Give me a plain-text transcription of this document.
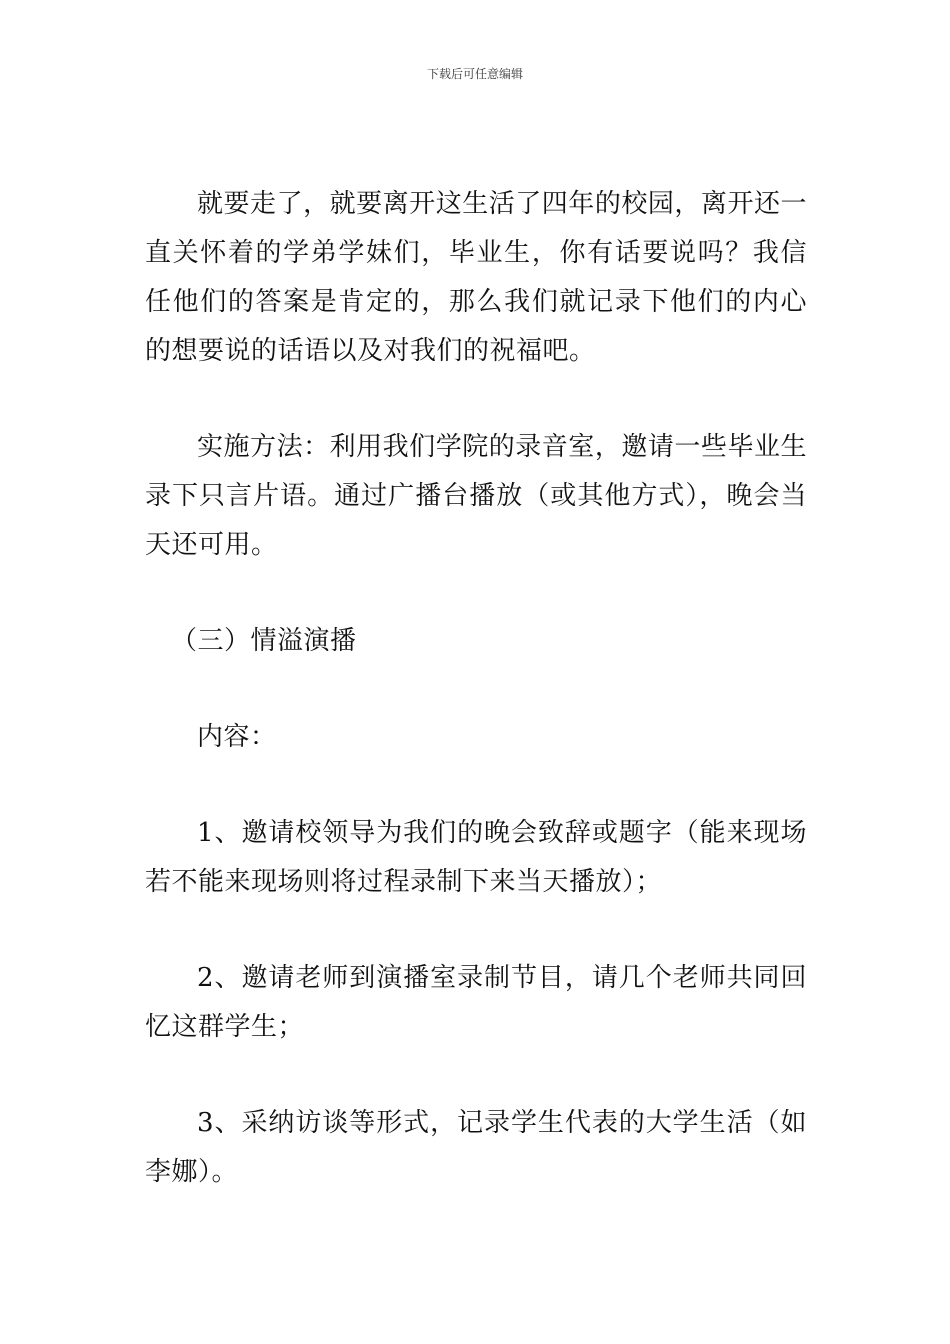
下载后可任意编辑

就要走了，就要离开这生活了四年的校园，离开还一直关怀着的学弟学妹们，毕业生，你有话要说吗？我信任他们的答案是肯定的，那么我们就记录下他们的内心的想要说的话语以及对我们的祝福吧。

实施方法：利用我们学院的录音室，邀请一些毕业生录下只言片语。通过广播台播放（或其他方式），晚会当天还可用。

（三）情溢演播

内容：

1、邀请校领导为我们的晚会致辞或题字（能来现场若不能来现场则将过程录制下来当天播放）；

2、邀请老师到演播室录制节目，请几个老师共同回忆这群学生；

3、采纳访谈等形式，记录学生代表的大学生活（如李娜）。
